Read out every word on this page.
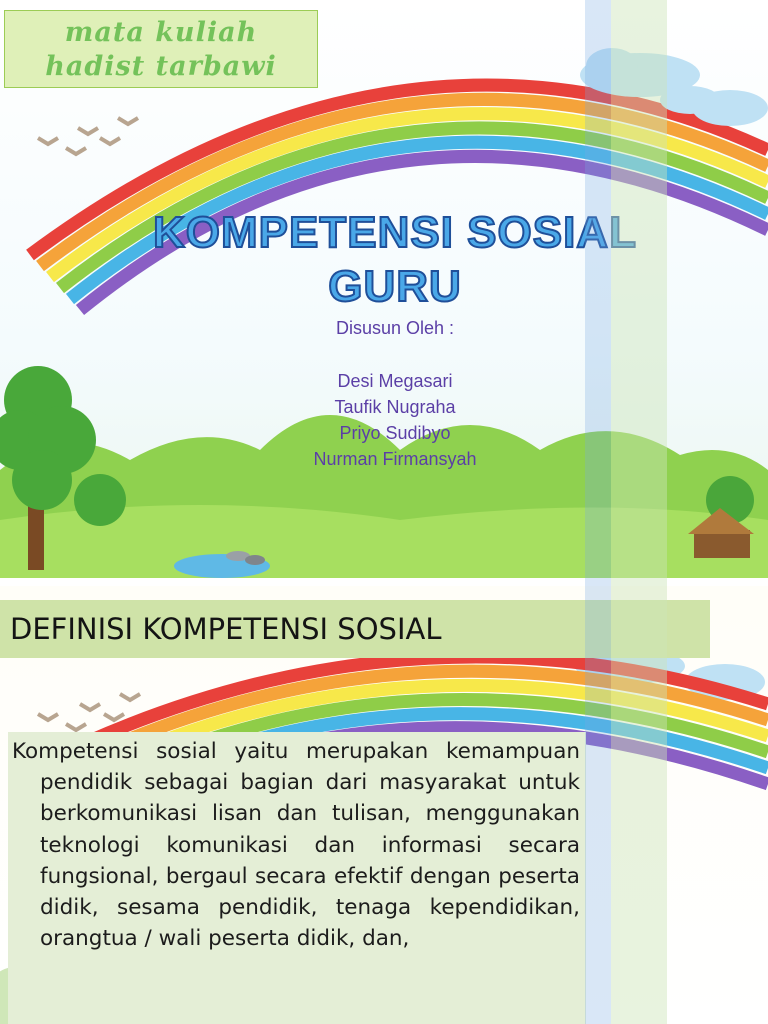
mata kuliah
hadist tarbawi
KOMPETENSI SOSIAL
GURU
Disusun Oleh :
Desi Megasari
Taufik Nugraha
Priyo Sudibyo
Nurman Firmansyah
DEFINISI KOMPETENSI SOSIAL
Kompetensi sosial yaitu merupakan kemampuan pendidik sebagai bagian dari masyarakat untuk berkomunikasi lisan dan tulisan, menggunakan teknologi komunikasi dan informasi secara fungsional, bergaul secara efektif dengan peserta didik, sesama pendidik, tenaga kependidikan, orangtua / wali peserta didik, dan,
